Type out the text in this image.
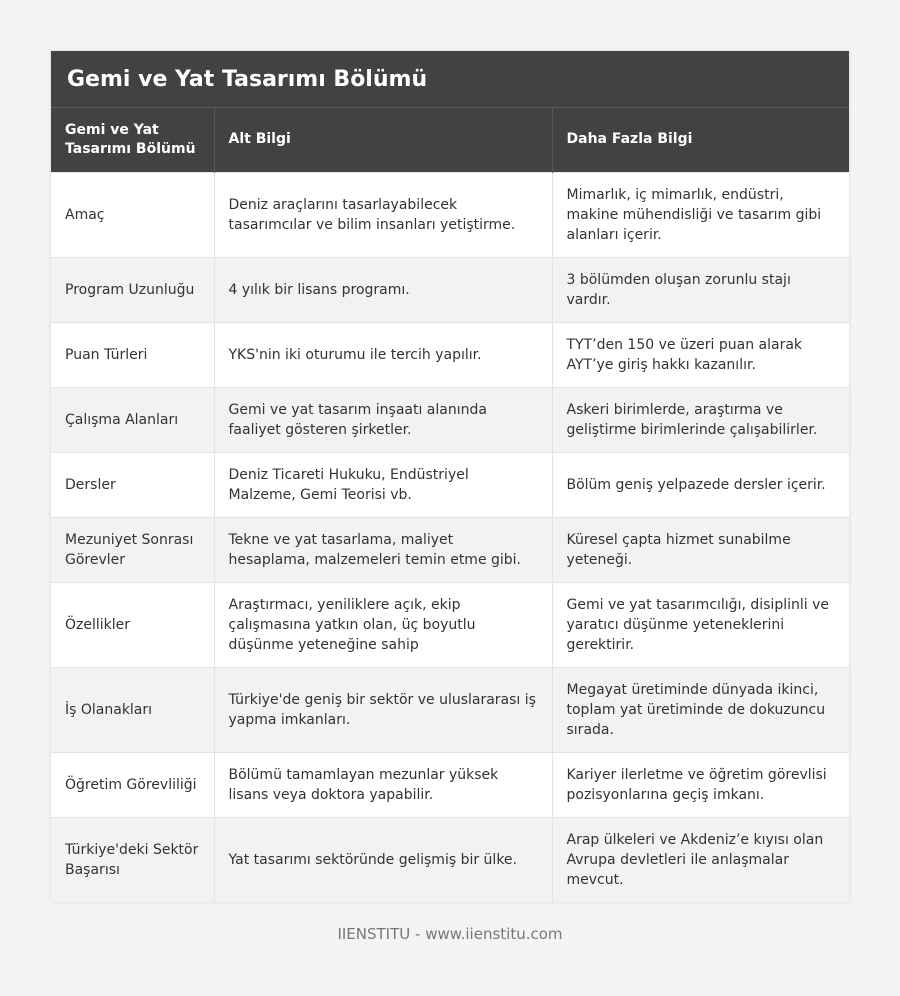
Gemi ve Yat Tasarımı Bölümü
Gemi ve Yat Tasarımı Bölümü	Alt Bilgi	Daha Fazla Bilgi
Amaç	Deniz araçlarını tasarlayabilecek tasarımcılar ve bilim insanları yetiştirme.	Mimarlık, iç mimarlık, endüstri, makine mühendisliği ve tasarım gibi alanları içerir.
Program Uzunluğu	4 yılık bir lisans programı.	3 bölümden oluşan zorunlu stajı vardır.
Puan Türleri	YKS'nin iki oturumu ile tercih yapılır.	TYT’den 150 ve üzeri puan alarak AYT’ye giriş hakkı kazanılır.
Çalışma Alanları	Gemi ve yat tasarım inşaatı alanında faaliyet gösteren şirketler.	Askeri birimlerde, araştırma ve geliştirme birimlerinde çalışabilirler.
Dersler	Deniz Ticareti Hukuku, Endüstriyel Malzeme, Gemi Teorisi vb.	Bölüm geniş yelpazede dersler içerir.
Mezuniyet Sonrası Görevler	Tekne ve yat tasarlama, maliyet hesaplama, malzemeleri temin etme gibi.	Küresel çapta hizmet sunabilme yeteneği.
Özellikler	Araştırmacı, yeniliklere açık, ekip çalışmasına yatkın olan, üç boyutlu düşünme yeteneğine sahip	Gemi ve yat tasarımcılığı, disiplinli ve yaratıcı düşünme yeteneklerini gerektirir.
İş Olanakları	Türkiye'de geniş bir sektör ve uluslararası iş yapma imkanları.	Megayat üretiminde dünyada ikinci, toplam yat üretiminde de dokuzuncu sırada.
Öğretim Görevliliği	Bölümü tamamlayan mezunlar yüksek lisans veya doktora yapabilir.	Kariyer ilerletme ve öğretim görevlisi pozisyonlarına geçiş imkanı.
Türkiye'deki Sektör Başarısı	Yat tasarımı sektöründe gelişmiş bir ülke.	Arap ülkeleri ve Akdeniz’e kıyısı olan Avrupa devletleri ile anlaşmalar mevcut.
IIENSTITU - www.iienstitu.com
